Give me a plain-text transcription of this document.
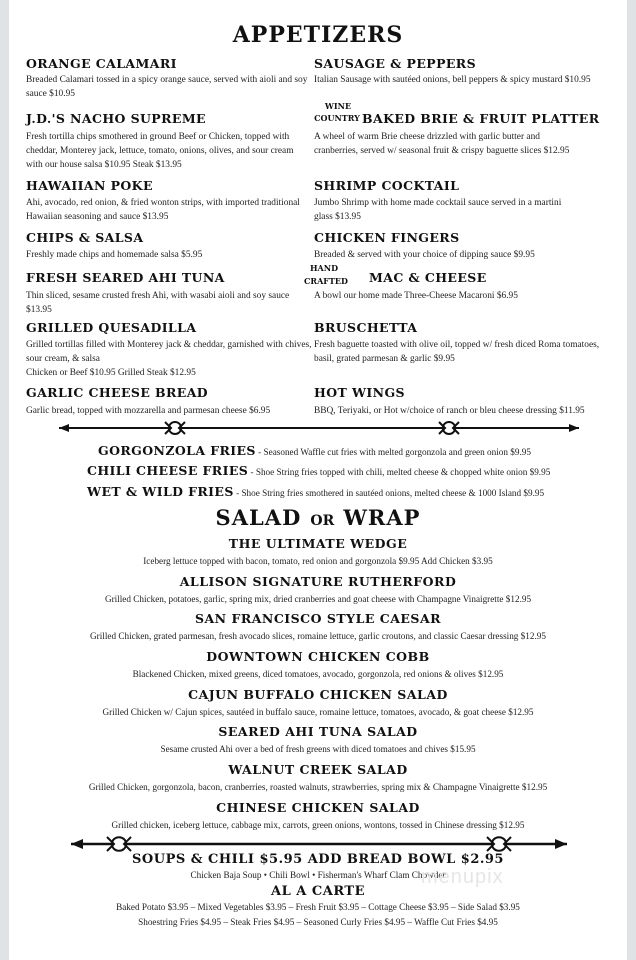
APPETIZERS
ORANGE CALAMARI
Breaded Calamari tossed in a spicy orange sauce, served with aioli and soy sauce $10.95
J.D.'S NACHO SUPREME
Fresh tortilla chips smothered in ground Beef or Chicken, topped with cheddar, Monterey jack, lettuce, tomato, onions, olives, and sour cream with our house salsa $10.95 Steak $13.95
HAWAIIAN POKE
Ahi, avocado, red onion, & fried wonton strips, with imported traditional Hawaiian seasoning and sauce $13.95
CHIPS & SALSA
Freshly made chips and homemade salsa $5.95
FRESH SEARED AHI TUNA
Thin sliced, sesame crusted fresh Ahi, with wasabi aioli and soy sauce $13.95
GRILLED QUESADILLA
Grilled tortillas filled with Monterey jack & cheddar, garnished with chives, sour cream, & salsa
Chicken or Beef $10.95 Grilled Steak $12.95
GARLIC CHEESE BREAD
Garlic bread, topped with mozzarella and parmesan cheese $6.95
SAUSAGE & PEPPERS
Italian Sausage with sautéed onions, bell peppers & spicy mustard $10.95
WINE
COUNTRY BAKED BRIE & FRUIT PLATTER
A wheel of warm Brie cheese drizzled with garlic butter and cranberries, served w/ seasonal fruit & crispy baguette slices $12.95
SHRIMP COCKTAIL
Jumbo Shrimp with home made cocktail sauce served in a martini glass $13.95
CHICKEN FINGERS
Breaded & served with your choice of dipping sauce $9.95
HAND
CRAFTED MAC & CHEESE
A bowl our home made Three-Cheese Macaroni $6.95
BRUSCHETTA
Fresh baguette toasted with olive oil, topped w/ fresh diced Roma tomatoes, basil, grated parmesan & garlic $9.95
HOT WINGS
BBQ, Teriyaki, or Hot w/choice of ranch or bleu cheese dressing $11.95
GORGONZOLA FRIES - Seasoned Waffle cut fries with melted gorgonzola and green onion $9.95
CHILI CHEESE FRIES - Shoe String fries topped with chili, melted cheese & chopped white onion $9.95
WET & WILD FRIES - Shoe String fries smothered in sautéed onions, melted cheese & 1000 Island $9.95
SALAD OR WRAP
THE ULTIMATE WEDGE
Iceberg lettuce topped with bacon, tomato, red onion and gorgonzola $9.95 Add Chicken $3.95
ALLISON SIGNATURE RUTHERFORD
Grilled Chicken, potatoes, garlic, spring mix, dried cranberries and goat cheese with Champagne Vinaigrette $12.95
SAN FRANCISCO STYLE CAESAR
Grilled Chicken, grated parmesan, fresh avocado slices, romaine lettuce, garlic croutons, and classic Caesar dressing $12.95
DOWNTOWN CHICKEN COBB
Blackened Chicken, mixed greens, diced tomatoes, avocado, gorgonzola, red onions & olives $12.95
CAJUN BUFFALO CHICKEN SALAD
Grilled Chicken w/ Cajun spices, sautéed in buffalo sauce, romaine lettuce, tomatoes, avocado, & goat cheese $12.95
SEARED AHI TUNA SALAD
Sesame crusted Ahi over a bed of fresh greens with diced tomatoes and chives $15.95
WALNUT CREEK SALAD
Grilled Chicken, gorgonzola, bacon, cranberries, roasted walnuts, strawberries, spring mix & Champagne Vinaigrette $12.95
CHINESE CHICKEN SALAD
Grilled chicken, iceberg lettuce, cabbage mix, carrots, green onions, wontons, tossed in Chinese dressing $12.95
SOUPS & CHILI $5.95 ADD BREAD BOWL $2.95
Chicken Baja Soup • Chili Bowl • Fisherman's Wharf Clam Chowder
menupix
AL A CARTE
Baked Potato $3.95 – Mixed Vegetables $3.95 – Fresh Fruit $3.95 – Cottage Cheese $3.95 – Side Salad $3.95
Shoestring Fries $4.95 – Steak Fries $4.95 – Seasoned Curly Fries $4.95 – Waffle Cut Fries $4.95
